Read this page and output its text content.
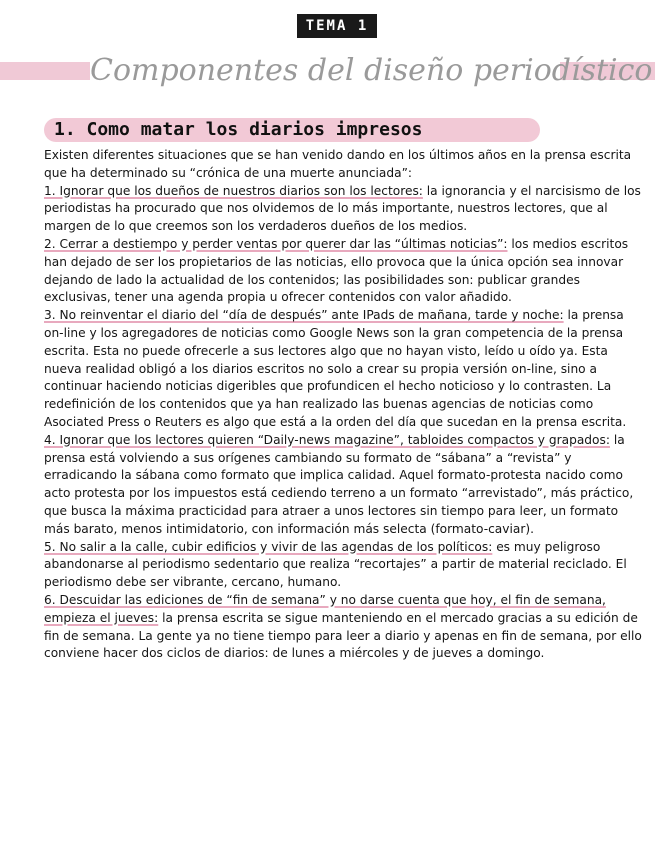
TEMA 1
Componentes del diseño periodístico
1. Como matar los diarios impresos

Existen diferentes situaciones que se han venido dando en los últimos años en la prensa escrita que ha determinado su “crónica de una muerte anunciada”:

1. Ignorar que los dueños de nuestros diarios son los lectores: la ignorancia y el narcisismo de los periodistas ha procurado que nos olvidemos de lo más importante, nuestros lectores, que al margen de lo que creemos son los verdaderos dueños de los medios.

2. Cerrar a destiempo y perder ventas por querer dar las “últimas noticias”: los medios escritos han dejado de ser los propietarios de las noticias, ello provoca que la única opción sea innovar dejando de lado la actualidad de los contenidos; las posibilidades son: publicar grandes exclusivas, tener una agenda propia u ofrecer contenidos con valor añadido.

3. No reinventar el diario del “día de después” ante IPads de mañana, tarde y noche: la prensa on-line y los agregadores de noticias como Google News son la gran competencia de la prensa escrita. Esta no puede ofrecerle a sus lectores algo que no hayan visto, leído u oído ya. Esta nueva realidad obligó a los diarios escritos no solo a crear su propia versión on-line, sino a continuar haciendo noticias digeribles que profundicen el hecho noticioso y lo contrasten. La redefinición de los contenidos que ya han realizado las buenas agencias de noticias como Asociated Press o Reuters es algo que está a la orden del día que sucedan en la prensa escrita.

4. Ignorar que los lectores quieren “Daily-news magazine”, tabloides compactos y grapados: la prensa está volviendo a sus orígenes cambiando su formato de “sábana” a “revista” y erradicando la sábana como formato que implica calidad. Aquel formato-protesta nacido como acto protesta por los impuestos está cediendo terreno a un formato “arrevistado”, más práctico, que busca la máxima practicidad para atraer a unos lectores sin tiempo para leer, un formato más barato, menos intimidatorio, con información más selecta (formato-caviar).

5. No salir a la calle, cubir edificios y vivir de las agendas de los políticos: es muy peligroso abandonarse al periodismo sedentario que realiza “recortajes” a partir de material reciclado. El periodismo debe ser vibrante, cercano, humano.

6. Descuidar las ediciones de “fin de semana” y no darse cuenta que hoy, el fin de semana, empieza el jueves: la prensa escrita se sigue manteniendo en el mercado gracias a su edición de fin de semana. La gente ya no tiene tiempo para leer a diario y apenas en fin de semana, por ello conviene hacer dos ciclos de diarios: de lunes a miércoles y de jueves a domingo.
